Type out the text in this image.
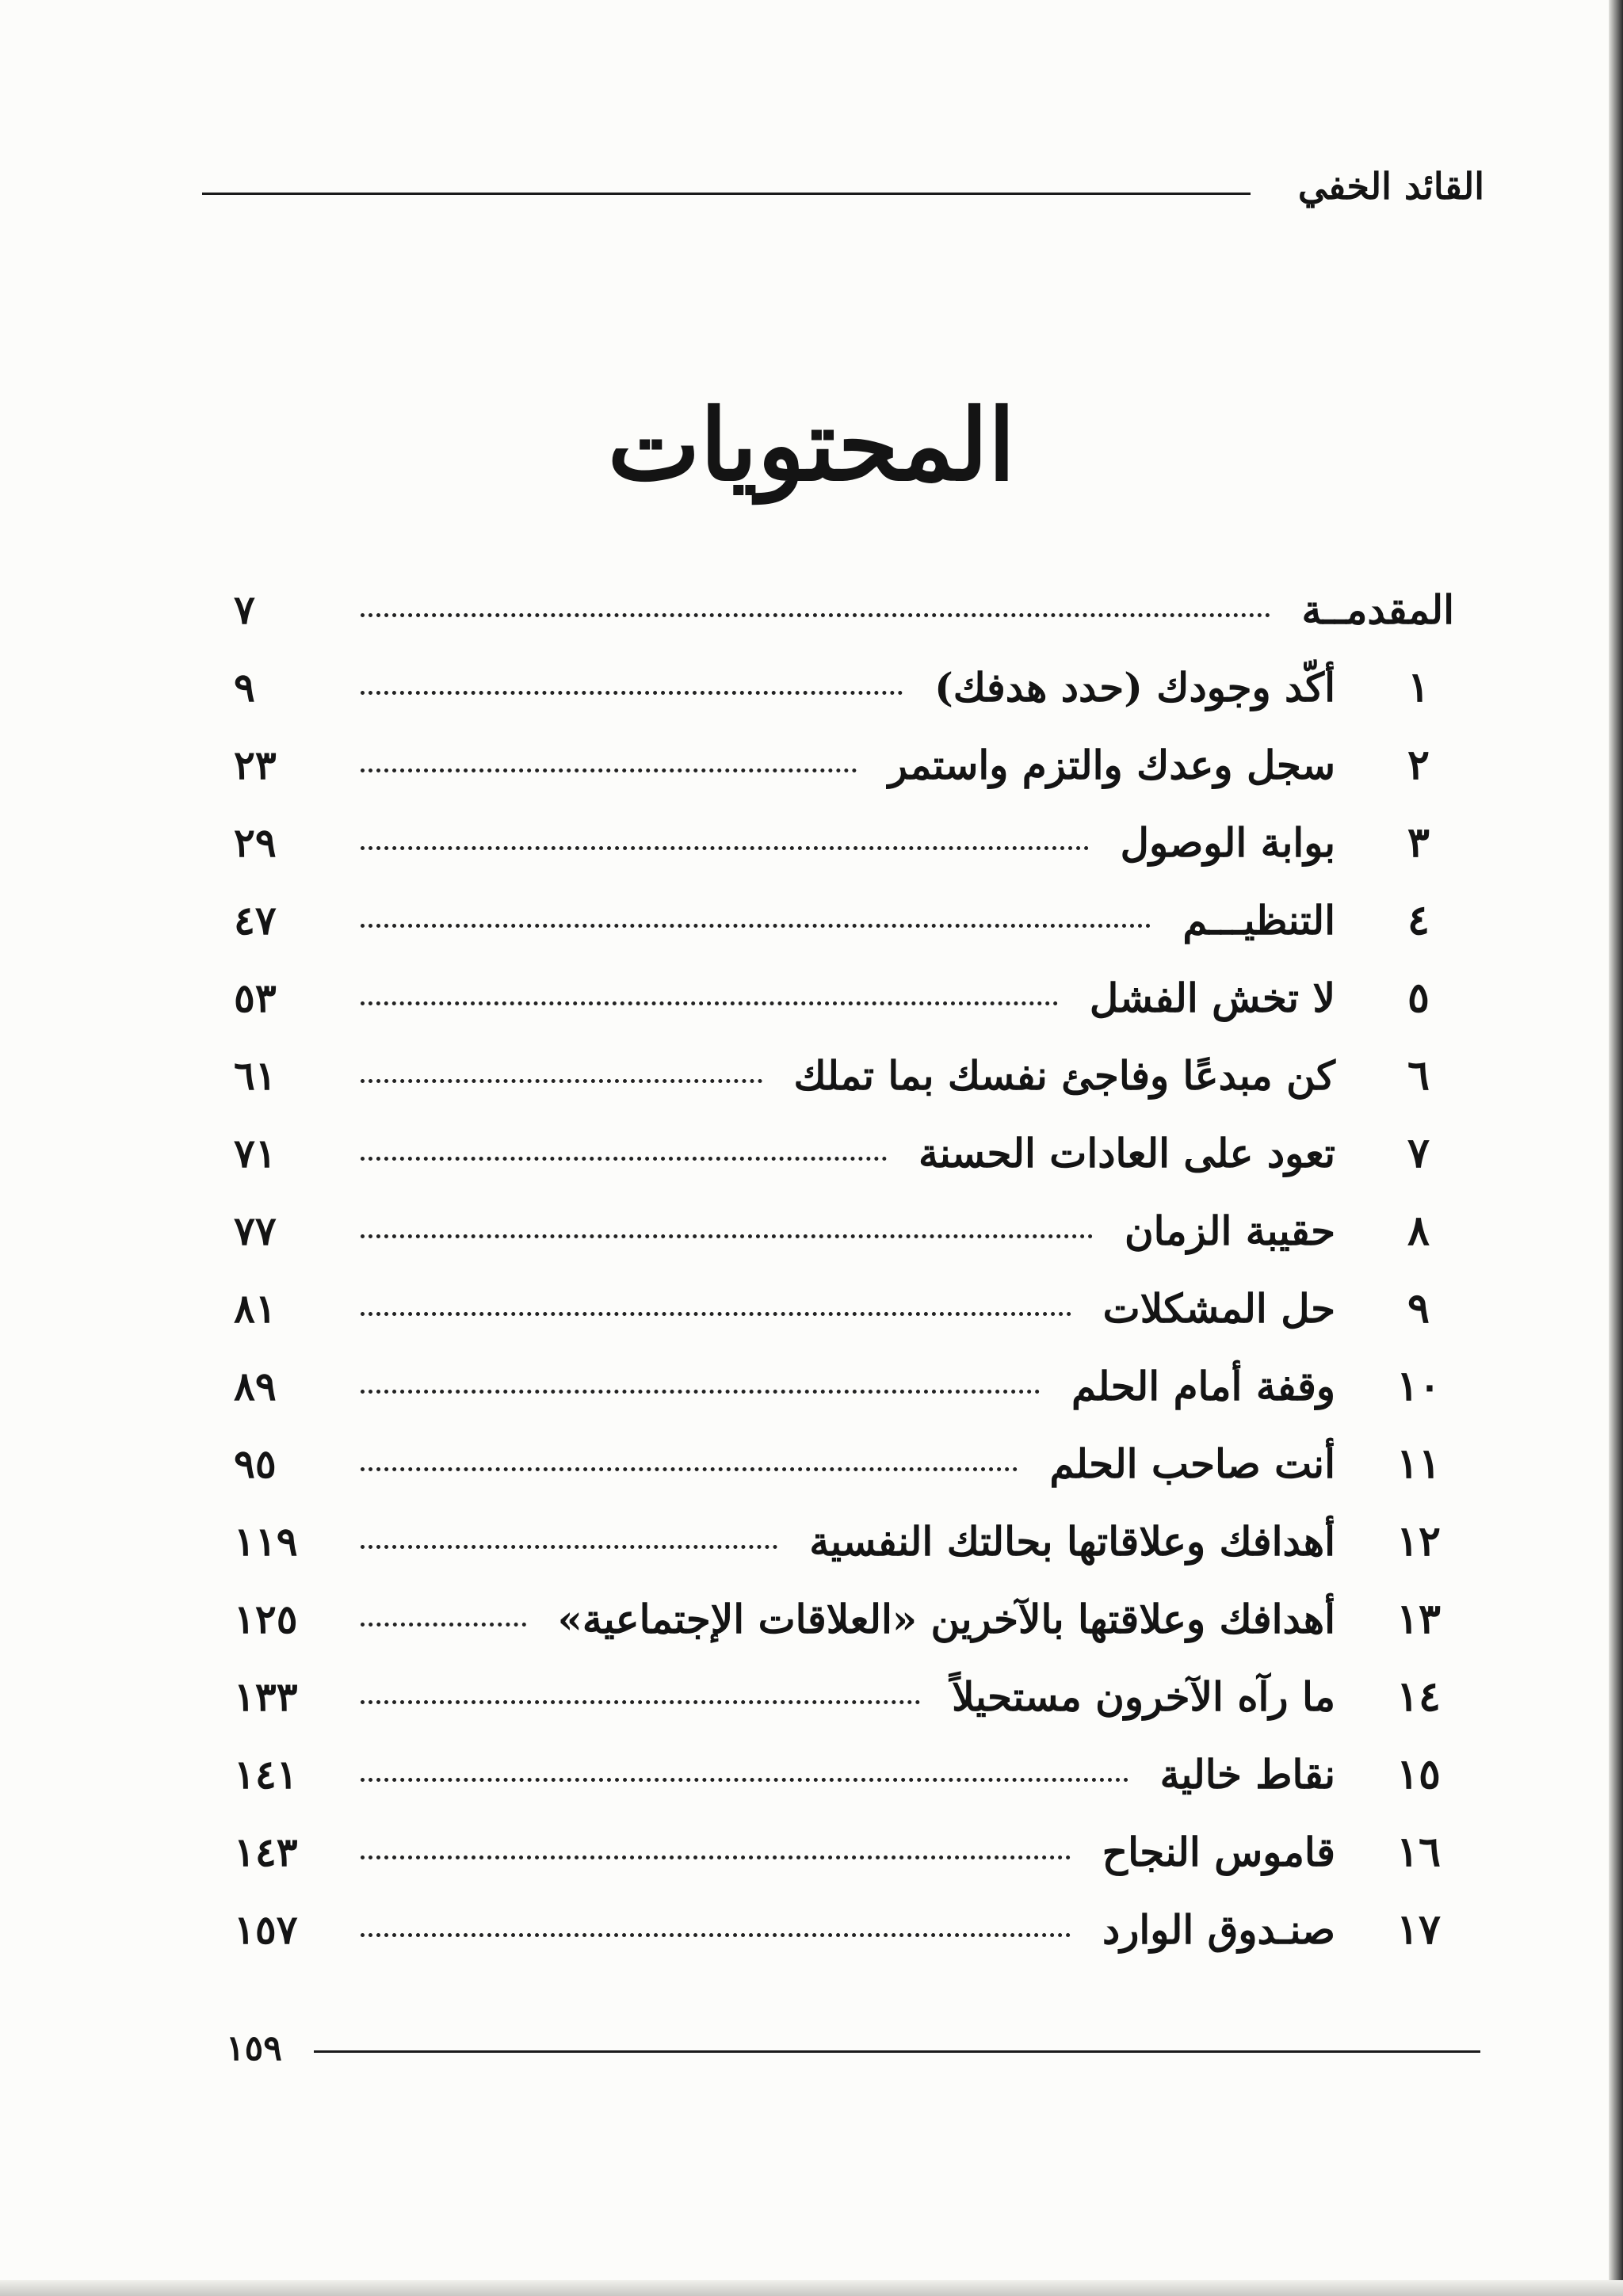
القائد الخفي
المحتويات
المقدمــة
٧
١
أكّد وجودك (حدد هدفك)
٩
٢
سجل وعدك والتزم واستمر
٢٣
٣
بوابة الوصول
٢٩
٤
التنظيـــم
٤٧
٥
لا تخش الفشل
٥٣
٦
كن مبدعًا وفاجئ نفسك بما تملك
٦١
٧
تعود على العادات الحسنة
٧١
٨
حقيبة الزمان
٧٧
٩
حل المشكلات
٨١
١٠
وقفة أمام الحلم
٨٩
١١
أنت صاحب الحلم
٩٥
١٢
أهدافك وعلاقاتها بحالتك النفسية
١١٩
١٣
أهدافك وعلاقتها بالآخرين «العلاقات الإجتماعية»
١٢٥
١٤
ما رآه الآخرون مستحيلاً
١٣٣
١٥
نقاط خالية
١٤١
١٦
قاموس النجاح
١٤٣
١٧
صنـدوق الوارد
١٥٧
١٥٩
